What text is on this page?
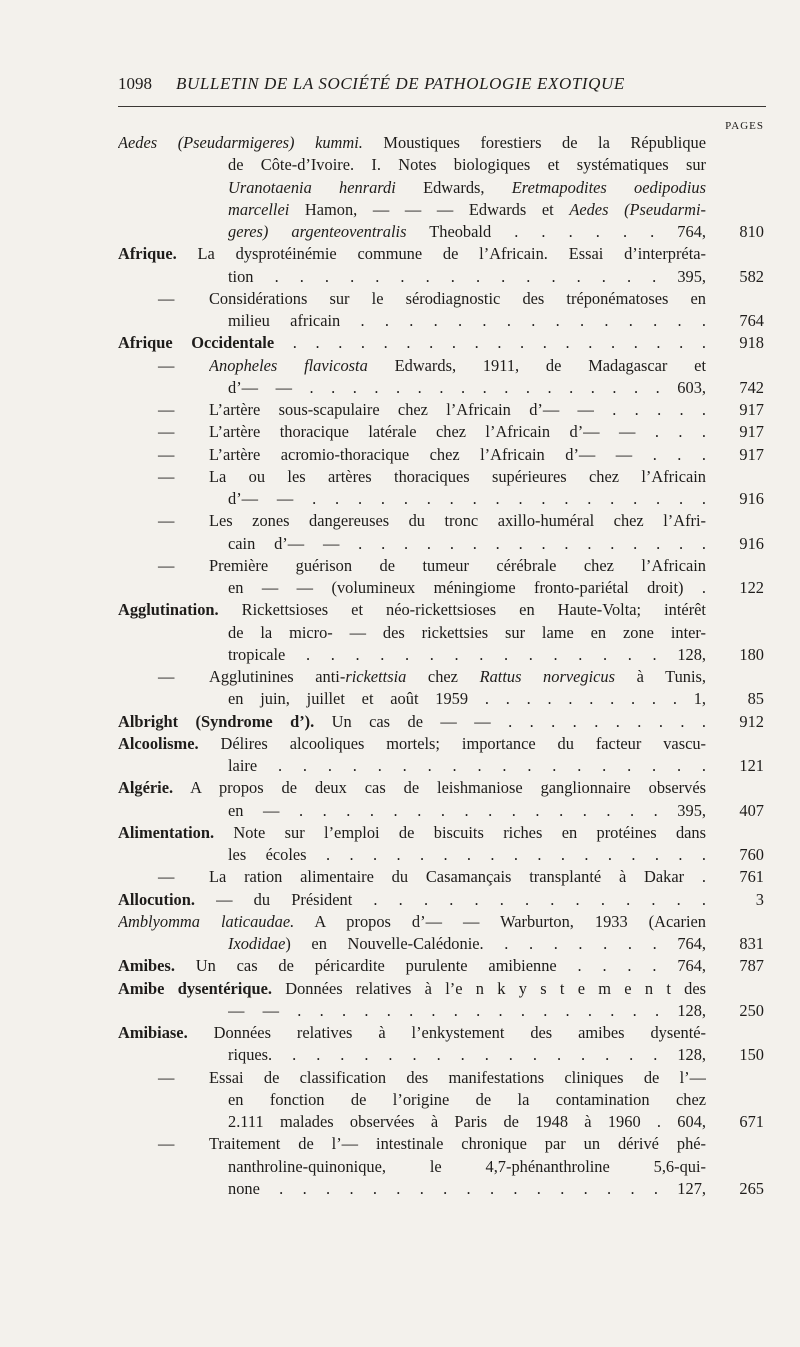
1098 BULLETIN DE LA SOCIÉTÉ DE PATHOLOGIE EXOTIQUE
PAGES
Aedes (Pseudarmigeres) kummi. Moustiques forestiers de la République
de Côte-d’Ivoire. I. Notes biologiques et systématiques sur
Uranotaenia henrardi Edwards, Eretmapodites oedipodius
marcellei Hamon, — — — Edwards et Aedes (Pseudarmi-
geres) argenteoventralis Theobald . . . . . . 764, 810
Afrique. La dysprotéinémie commune de l’Africain. Essai d’interpréta-
tion . . . . . . . . . . . . . . . . 395, 582
— Considérations sur le sérodiagnostic des tréponématoses en
milieu africain . . . . . . . . . . . . . . . 764
Afrique Occidentale . . . . . . . . . . . . . . . . . . . 918
— Anopheles flavicosta Edwards, 1911, de Madagascar et
d’— — . . . . . . . . . . . . . . . . . 603, 742
— L’artère sous-scapulaire chez l’Africain d’— — . . . . . 917
— L’artère thoracique latérale chez l’Africain d’— — . . . 917
— L’artère acromio-thoracique chez l’Africain d’— — . . . 917
— La ou les artères thoraciques supérieures chez l’Africain
d’— — . . . . . . . . . . . . . . . . . . 916
— Les zones dangereuses du tronc axillo-huméral chez l’Afri-
cain d’— — . . . . . . . . . . . . . . . . 916
— Première guérison de tumeur cérébrale chez l’Africain
en — — (volumineux méningiome fronto-pariétal droit) . 122
Agglutination. Rickettsioses et néo-rickettsioses en Haute-Volta; intérêt
de la micro- — des rickettsies sur lame en zone inter-
tropicale . . . . . . . . . . . . . . . 128, 180
— Agglutinines anti-rickettsia chez Rattus norvegicus à Tunis,
en juin, juillet et août 1959 . . . . . . . . . . 1,	85
Albright (Syndrome d’). Un cas de — — . . . . . . . . . . 912
Alcoolisme. Délires alcooliques mortels; importance du facteur vascu-
laire . . . . . . . . . . . . . . . . . . 121
Algérie. A propos de deux cas de leishmaniose ganglionnaire observés
en — . . . . . . . . . . . . . . . . 395, 407
Alimentation. Note sur l’emploi de biscuits riches en protéines dans
les écoles . . . . . . . . . . . . . . . . . 760
— La ration alimentaire du Casamançais transplanté à Dakar . 761
Allocution. — du Président . . . . . . . . . . . . . .	3
Amblyomma laticaudae. A propos d’— — Warburton, 1933 (Acarien
Ixodidae) en Nouvelle-Calédonie. . . . . . . . 764, 831
Amibes. Un cas de péricardite purulente amibienne . . . . 764, 787
Amibe dysentérique. Données relatives à l’e n k y s t e m e n t des
— — . . . . . . . . . . . . . . . . . 128, 250
Amibiase. Données relatives à l’enkystement des amibes dysenté-
riques. . . . . . . . . . . . . . . . . 128, 150
— Essai de classification des manifestations cliniques de l’—
en fonction de l’origine de la contamination chez
2.111 malades observées à Paris de 1948 à 1960 . 604, 671
— Traitement de l’— intestinale chronique par un dérivé phé-
nanthroline-quinonique, le 4,7-phénanthroline 5,6-qui-
none . . . . . . . . . . . . . . . . . 127, 265
